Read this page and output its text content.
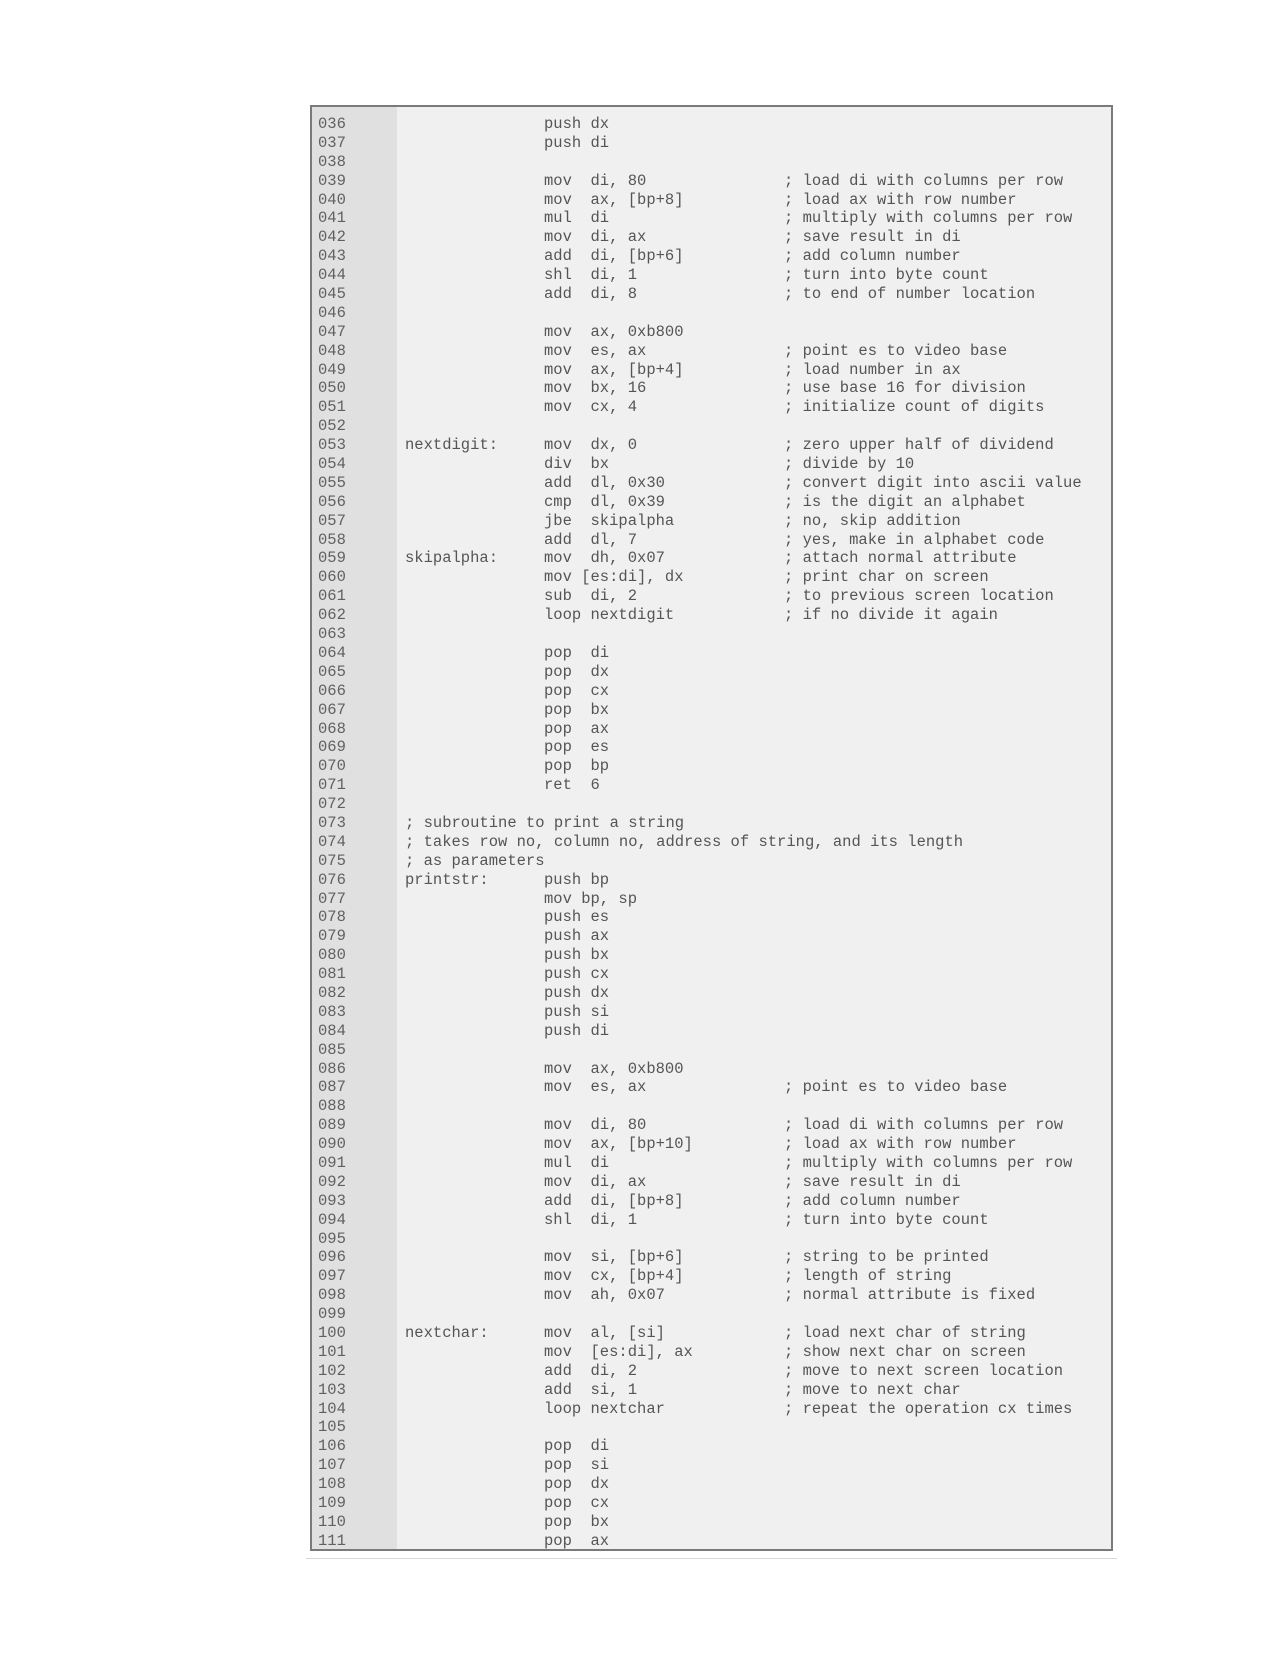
036	push dx
037	push di
038
039	mov  di, 80	; load di with columns per row
040	mov  ax, [bp+8]	; load ax with row number
041	mul  di	; multiply with columns per row
042	mov  di, ax	; save result in di
043	add  di, [bp+6]	; add column number
044	shl  di, 1	; turn into byte count
045	add  di, 8	; to end of number location
046
047	mov  ax, 0xb800
048	mov  es, ax	; point es to video base
049	mov  ax, [bp+4]	; load number in ax
050	mov  bx, 16	; use base 16 for division
051	mov  cx, 4	; initialize count of digits
052
053	nextdigit:	mov  dx, 0	; zero upper half of dividend
054	div  bx	; divide by 10
055	add  dl, 0x30	; convert digit into ascii value
056	cmp  dl, 0x39	; is the digit an alphabet
057	jbe  skipalpha	; no, skip addition
058	add  dl, 7	; yes, make in alphabet code
059	skipalpha:	mov  dh, 0x07	; attach normal attribute
060	mov [es:di], dx	; print char on screen
061	sub  di, 2	; to previous screen location
062	loop nextdigit	; if no divide it again
063
064	pop  di
065	pop  dx
066	pop  cx
067	pop  bx
068	pop  ax
069	pop  es
070	pop  bp
071	ret  6
072
073	; subroutine to print a string
074	; takes row no, column no, address of string, and its length
075	; as parameters
076	printstr:	push bp
077	mov bp, sp
078	push es
079	push ax
080	push bx
081	push cx
082	push dx
083	push si
084	push di
085
086	mov  ax, 0xb800
087	mov  es, ax	; point es to video base
088
089	mov  di, 80	; load di with columns per row
090	mov  ax, [bp+10]	; load ax with row number
091	mul  di	; multiply with columns per row
092	mov  di, ax	; save result in di
093	add  di, [bp+8]	; add column number
094	shl  di, 1	; turn into byte count
095
096	mov  si, [bp+6]	; string to be printed
097	mov  cx, [bp+4]	; length of string
098	mov  ah, 0x07	; normal attribute is fixed
099
100	nextchar:	mov  al, [si]	; load next char of string
101	mov  [es:di], ax	; show next char on screen
102	add  di, 2	; move to next screen location
103	add  si, 1	; move to next char
104	loop nextchar	; repeat the operation cx times
105
106	pop  di
107	pop  si
108	pop  dx
109	pop  cx
110	pop  bx
111	pop  ax
